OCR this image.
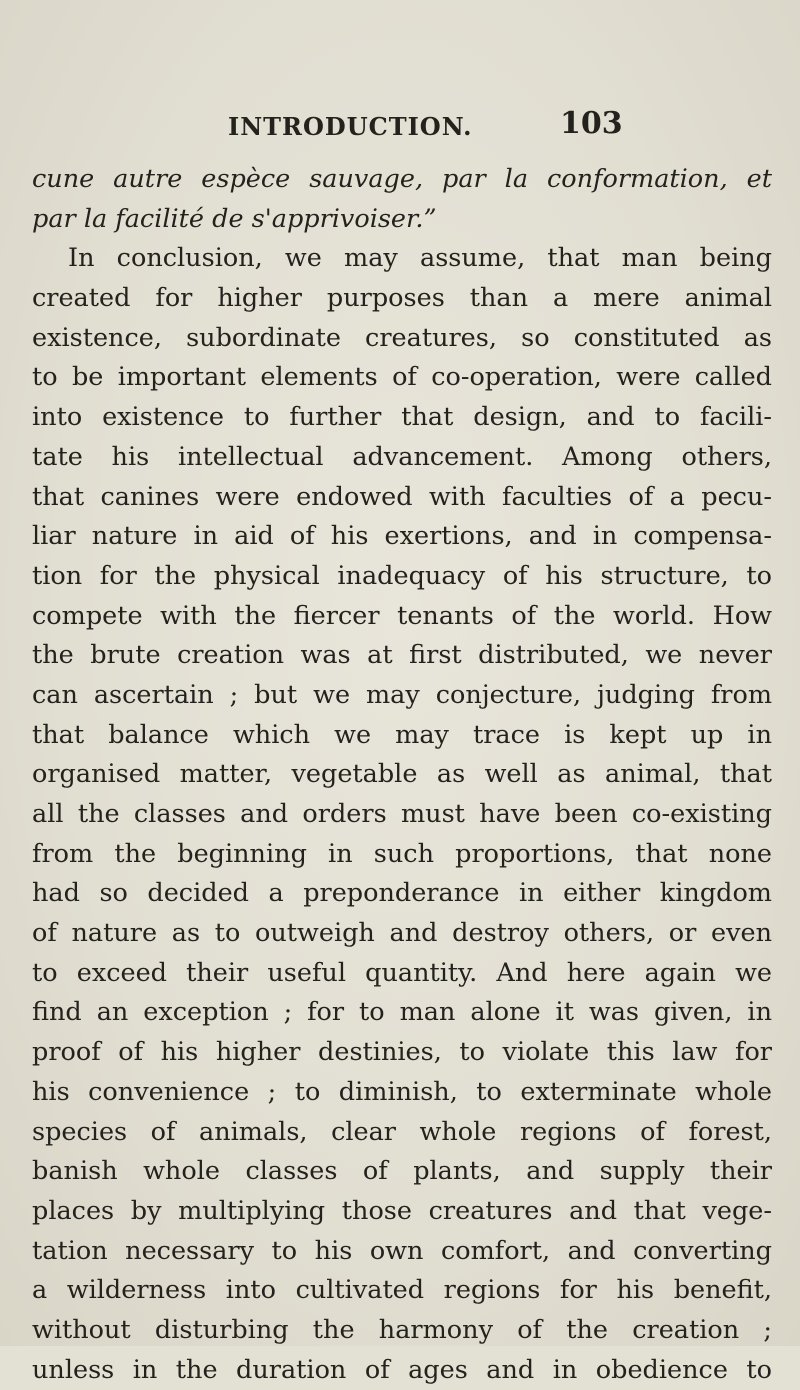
INTRODUCTION.	103
cune autre espèce sauvage, par la conformation, et
par la facilité de s'apprivoiser.”
In conclusion, we may assume, that man being
created for higher purposes than a mere animal
existence, subordinate creatures, so constituted as
to be important elements of co-operation, were called
into existence to further that design, and to facili-
tate his intellectual advancement. Among others,
that canines were endowed with faculties of a pecu-
liar nature in aid of his exertions, and in compensa-
tion for the physical inadequacy of his structure, to
compete with the fiercer tenants of the world. How
the brute creation was at first distributed, we never
can ascertain ; but we may conjecture, judging from
that balance which we may trace is kept up in
organised matter, vegetable as well as animal, that
all the classes and orders must have been co-existing
from the beginning in such proportions, that none
had so decided a preponderance in either kingdom
of nature as to outweigh and destroy others, or even
to exceed their useful quantity. And here again we
find an exception ; for to man alone it was given, in
proof of his higher destinies, to violate this law for
his convenience ; to diminish, to exterminate whole
species of animals, clear whole regions of forest,
banish whole classes of plants, and supply their
places by multiplying those creatures and that vege-
tation necessary to his own comfort, and converting
a wilderness into cultivated regions for his benefit,
without disturbing the harmony of the creation ;
unless in the duration of ages and in obedience to
